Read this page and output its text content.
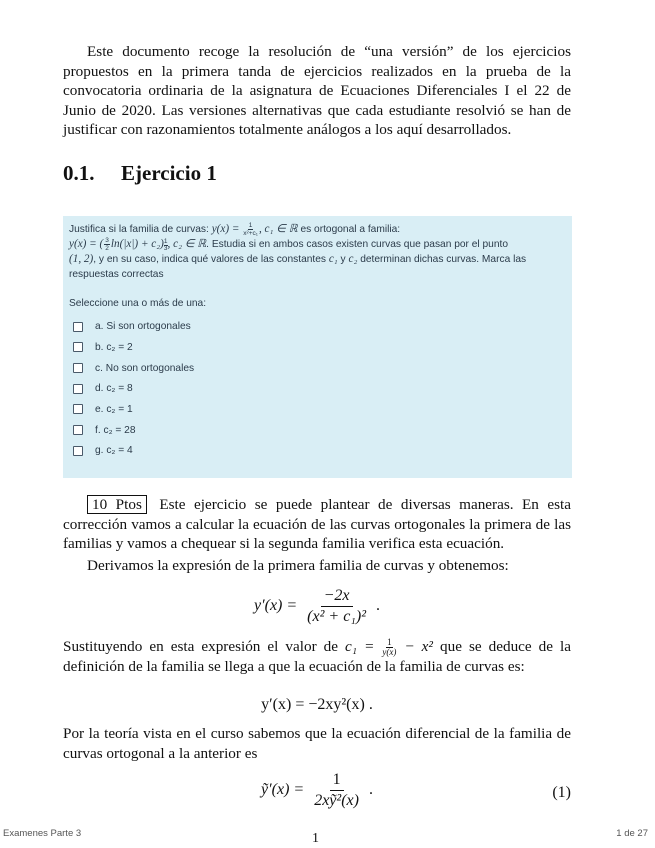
Este documento recoge la resolución de “una versión” de los ejercicios propuestos en la primera tanda de ejercicios realizados en la prueba de la convocatoria ordinaria de la asignatura de Ecuaciones Diferenciales I el 22 de Junio de 2020. Las versiones alternativas que cada estudiante resolvió se han de justificar con razonamientos totalmente análogos a los aquí desarrollados.

0.1. Ejercicio 1

Justifica si la familia de curvas: $y(x) = \frac{1}{\text{x²+c₁}}$ , c₁ ∈ ℝ es ortogonal a familia:
y(x) = ( $\frac{3}{2} \ln(|x|) + c_2$) $^{\frac{1}{3}}$ , c₂ ∈ ℝ. Estudia si en ambos casos existen curvas que pasan por el punto
(1, 2), y en su caso, indica qué valores de las constantes c₁ y c₂ determinan dichas curvas. Marca las respuestas correctas

Seleccione una o más de una:
a. Si son ortogonales
b. c₂ = 2
c. No son ortogonales
d. c₂ = 8
e. c₂ = 1
f. c₂ = 28
g. c₂ = 4

10 Ptos Este ejercicio se puede plantear de diversas maneras. En esta corrección vamos a calcular la ecuación de las curvas ortogonales la primera de las familias y vamos a chequear si la segunda familia verifica esta ecuación.

Derivamos la expresión de la primera familia de curvas y obtenemos:

$y'(x) = \frac{-2x}{\text{(x² + c₁)²}}$ .

Sustituyendo en esta expresión el valor de $c_1 = \frac{1}{y(x)} - x^2$ que se deduce de la definición de la familia se llega a que la ecuación de la familia de curvas es:

y′(x) = −2xy²(x) .

Por la teoría vista en el curso sabemos que la ecuación diferencial de la familia de curvas ortogonal a la anterior es

ỹ′(x) = $\frac{1}{\text{2xỹ²(x)}}$ .	(1)
Examenes Parte 3	1	1 de 27
